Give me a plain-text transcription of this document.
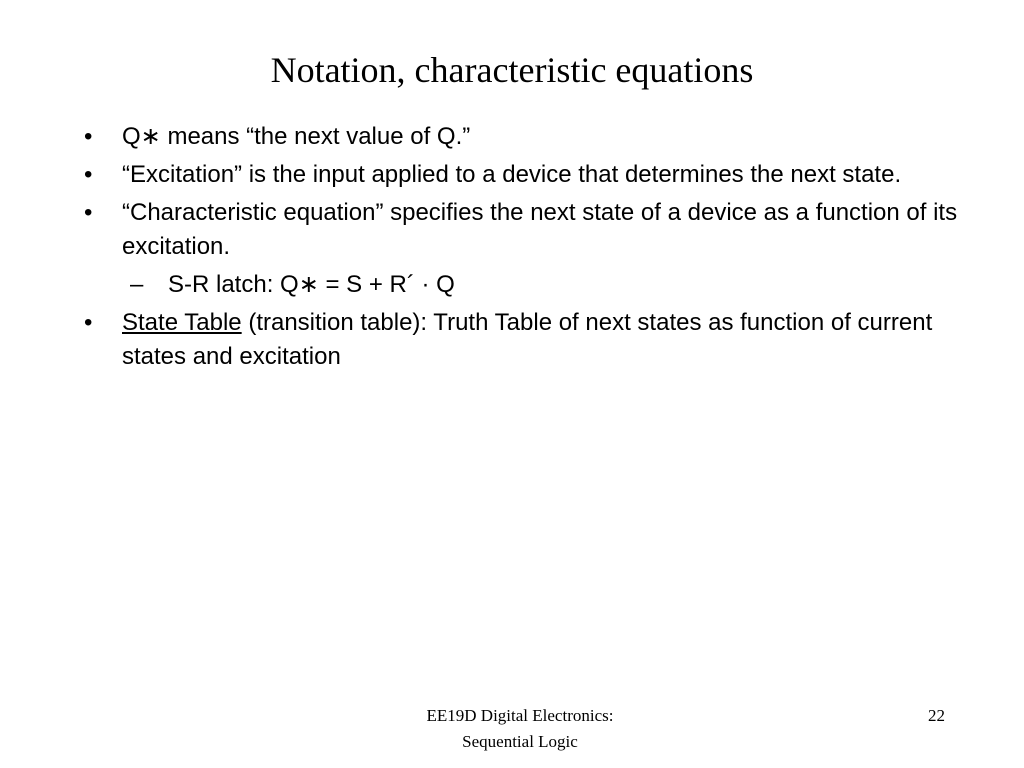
Notation, characteristic equations
•	Q∗ means “the next value of Q.”
•	“Excitation” is the input applied to a device that determines the next state.
•	“Characteristic equation” specifies the next state of a device as a function of its excitation.
– S-R latch: Q∗ = S + R´ · Q
•	State Table (transition table): Truth Table of next states as function of current states and excitation
EE19D Digital Electronics:
Sequential Logic
22
